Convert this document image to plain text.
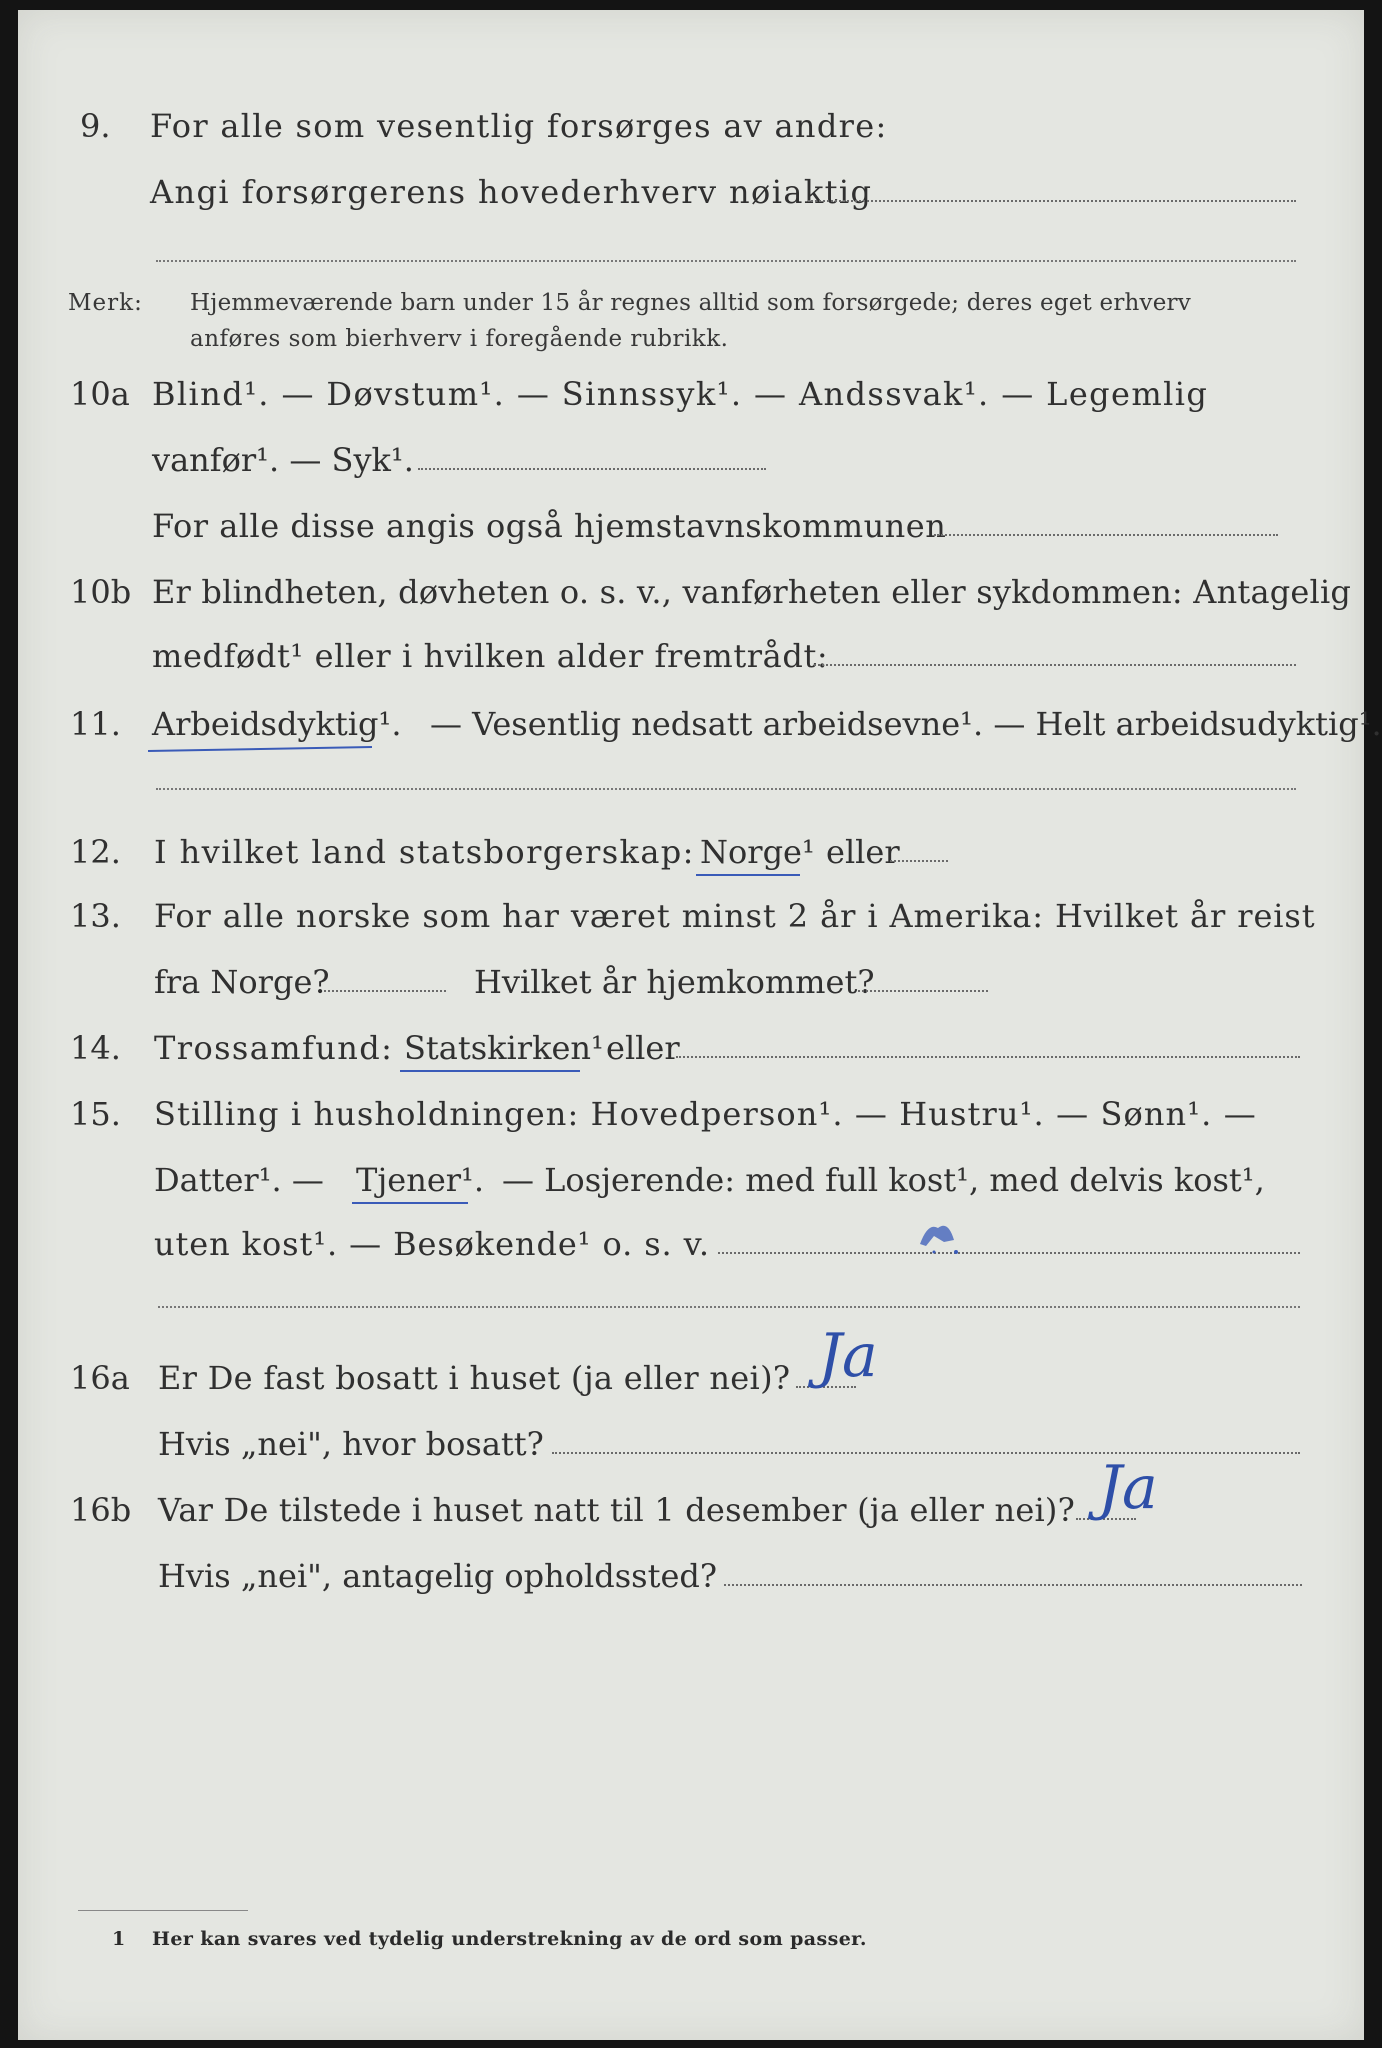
9. For alle som vesentlig forsørges av andre:
Angi forsørgerens hovederhverv nøiaktig
Merk: Hjemmeværende barn under 15 år regnes alltid som forsørgede; deres eget erhverv
anføres som bierhverv i foregående rubrikk.
10a Blind¹. — Døvstum¹. — Sinnssyk¹. — Andssvak¹. — Legemlig
vanfør¹. — Syk¹.
For alle disse angis også hjemstavnskommunen
10b Er blindheten, døvheten o. s. v., vanførheten eller sykdommen: Antagelig
medfødt¹ eller i hvilken alder fremtrådt:
11. Arbeidsdyktig¹. — Vesentlig nedsatt arbeidsevne¹. — Helt arbeidsudyktig¹.
12. I hvilket land statsborgerskap: Norge¹ eller
13. For alle norske som har været minst 2 år i Amerika: Hvilket år reist
fra Norge?	Hvilket år hjemkommet?
14. Trossamfund: Statskirken¹ eller
15. Stilling i husholdningen: Hovedperson¹. — Hustru¹. — Sønn¹. —
Datter¹. — Tjener¹. — Losjerende: med full kost¹, med delvis kost¹,
uten kost¹. — Besøkende¹ o. s. v.
16a Er De fast bosatt i huset (ja eller nei)? Ja
Hvis „nei", hvor bosatt?
16b Var De tilstede i huset natt til 1 desember (ja eller nei)? Ja
Hvis „nei", antagelig opholdssted?
1 Her kan svares ved tydelig understrekning av de ord som passer.
